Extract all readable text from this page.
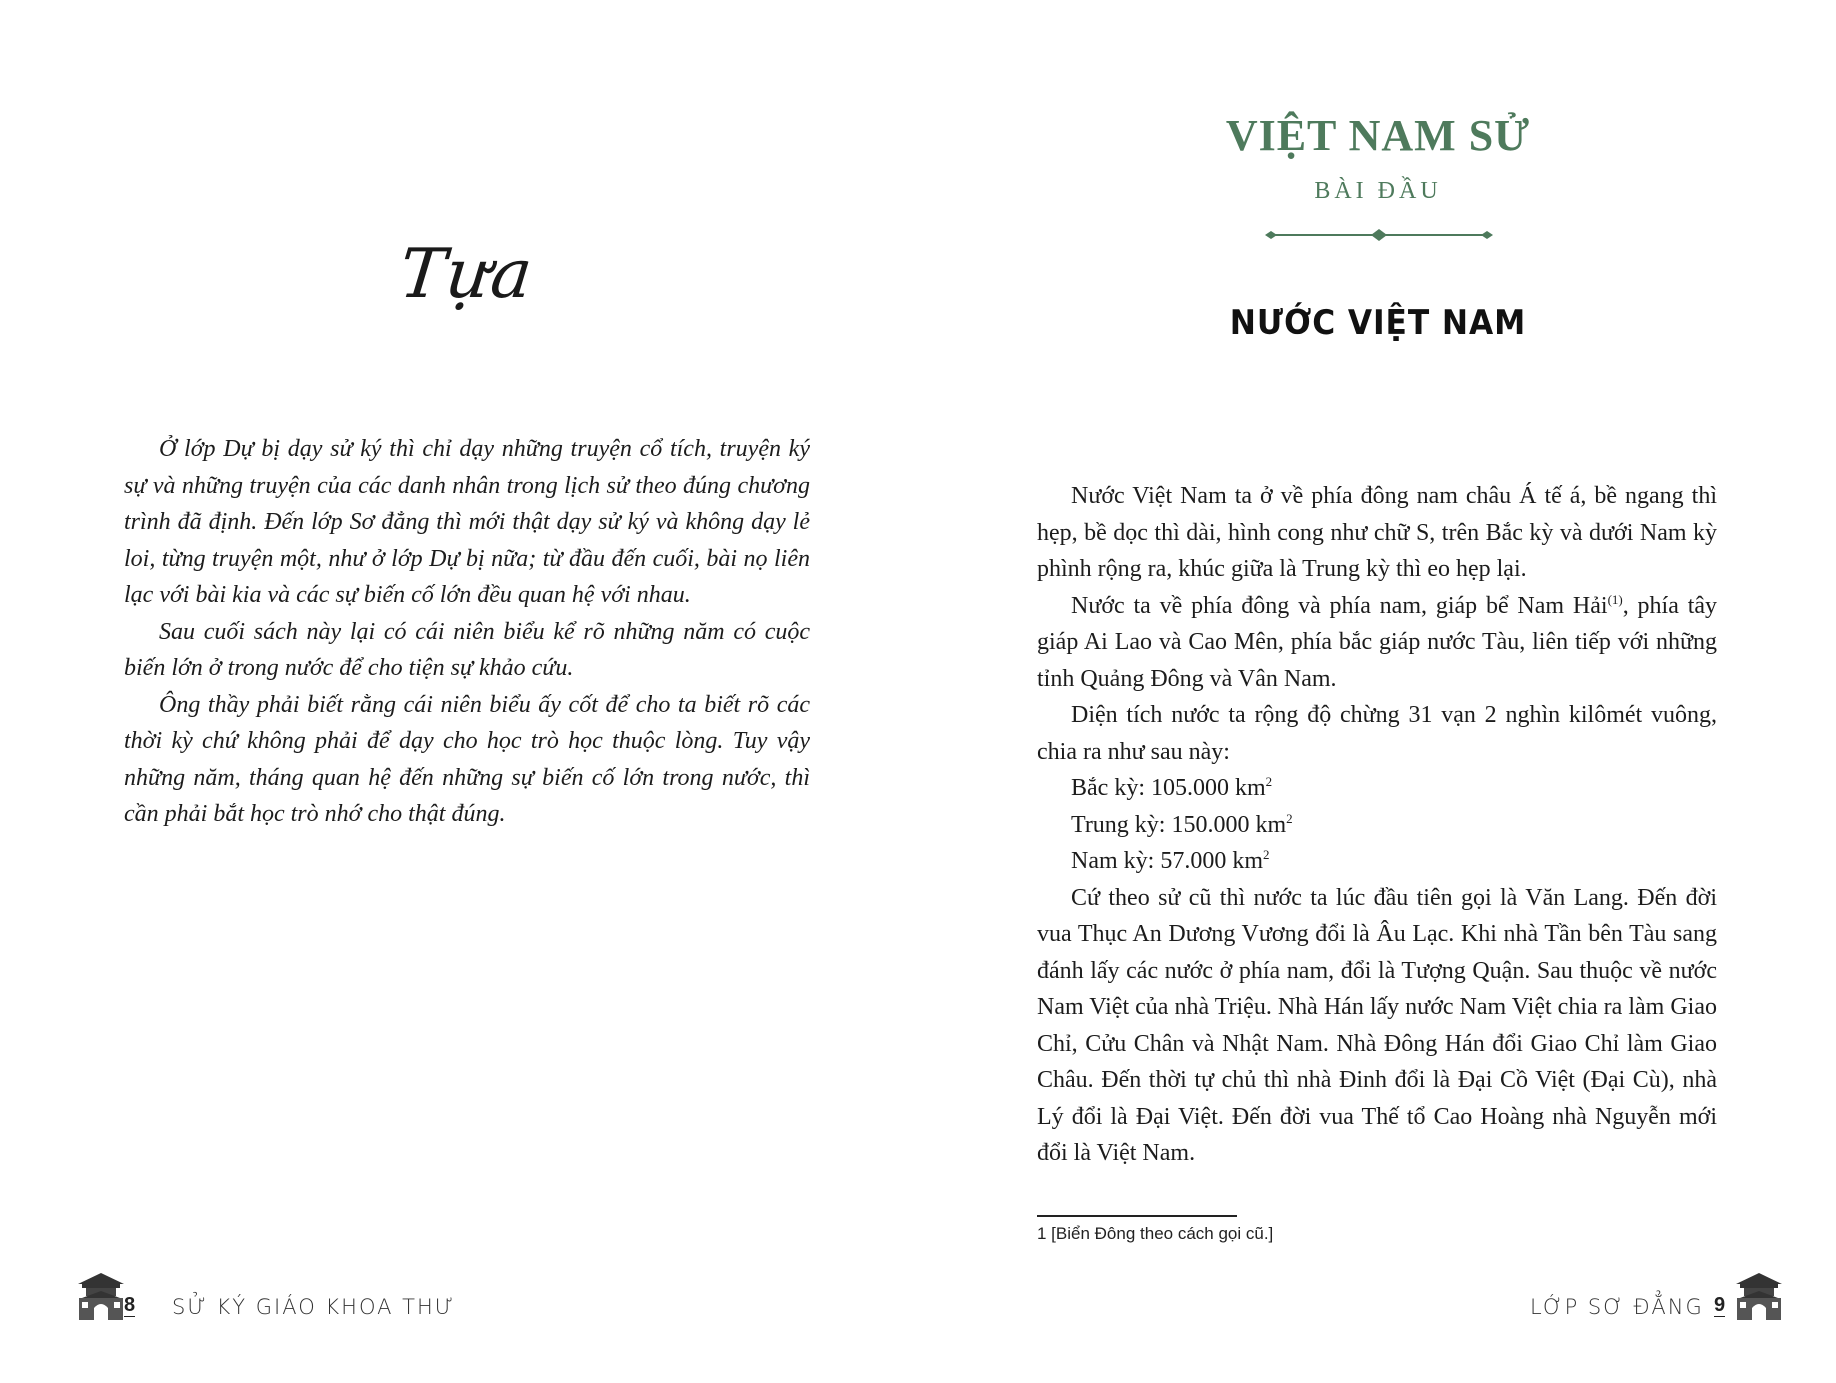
Tựa

Ở lớp Dự bị dạy sử ký thì chỉ dạy những truyện cổ tích, truyện ký sự và những truyện của các danh nhân trong lịch sử theo đúng chương trình đã định. Đến lớp Sơ đẳng thì mới thật dạy sử ký và không dạy lẻ loi, từng truyện một, như ở lớp Dự bị nữa; từ đầu đến cuối, bài nọ liên lạc với bài kia và các sự biến cố lớn đều quan hệ với nhau.

Sau cuối sách này lại có cái niên biểu kể rõ những năm có cuộc biến lớn ở trong nước để cho tiện sự khảo cứu.

Ông thầy phải biết rằng cái niên biểu ấy cốt để cho ta biết rõ các thời kỳ chứ không phải để dạy cho học trò học thuộc lòng. Tuy vậy những năm, tháng quan hệ đến những sự biến cố lớn trong nước, thì cần phải bắt học trò nhớ cho thật đúng.

8 SỬ KÝ GIÁO KHOA THƯ
VIỆT NAM SỬ
BÀI ĐẦU
NƯỚC VIỆT NAM

Nước Việt Nam ta ở về phía đông nam châu Á tế á, bề ngang thì hẹp, bề dọc thì dài, hình cong như chữ S, trên Bắc kỳ và dưới Nam kỳ phình rộng ra, khúc giữa là Trung kỳ thì eo hẹp lại.

Nước ta về phía đông và phía nam, giáp bể Nam Hải$^{(1)}$, phía tây giáp Ai Lao và Cao Mên, phía bắc giáp nước Tàu, liên tiếp với những tỉnh Quảng Đông và Vân Nam.

Diện tích nước ta rộng độ chừng 31 vạn 2 nghìn kilômét vuông, chia ra như sau này:

Bắc kỳ: 105.000 $km^2$

Trung kỳ: 150.000 $km^2$

Nam kỳ: 57.000 $km^2$

Cứ theo sử cũ thì nước ta lúc đầu tiên gọi là Văn Lang. Đến đời vua Thục An Dương Vương đổi là Âu Lạc. Khi nhà Tần bên Tàu sang đánh lấy các nước ở phía nam, đổi là Tượng Quận. Sau thuộc về nước Nam Việt của nhà Triệu. Nhà Hán lấy nước Nam Việt chia ra làm Giao Chỉ, Cửu Chân và Nhật Nam. Nhà Đông Hán đổi Giao Chỉ làm Giao Châu. Đến thời tự chủ thì nhà Đinh đổi là Đại Cồ Việt (Đại Cù), nhà Lý đổi là Đại Việt. Đến đời vua Thế tổ Cao Hoàng nhà Nguyễn mới đổi là Việt Nam.

1 [Biển Đông theo cách gọi cũ.]
LỚP SƠ ĐẲNG 9
